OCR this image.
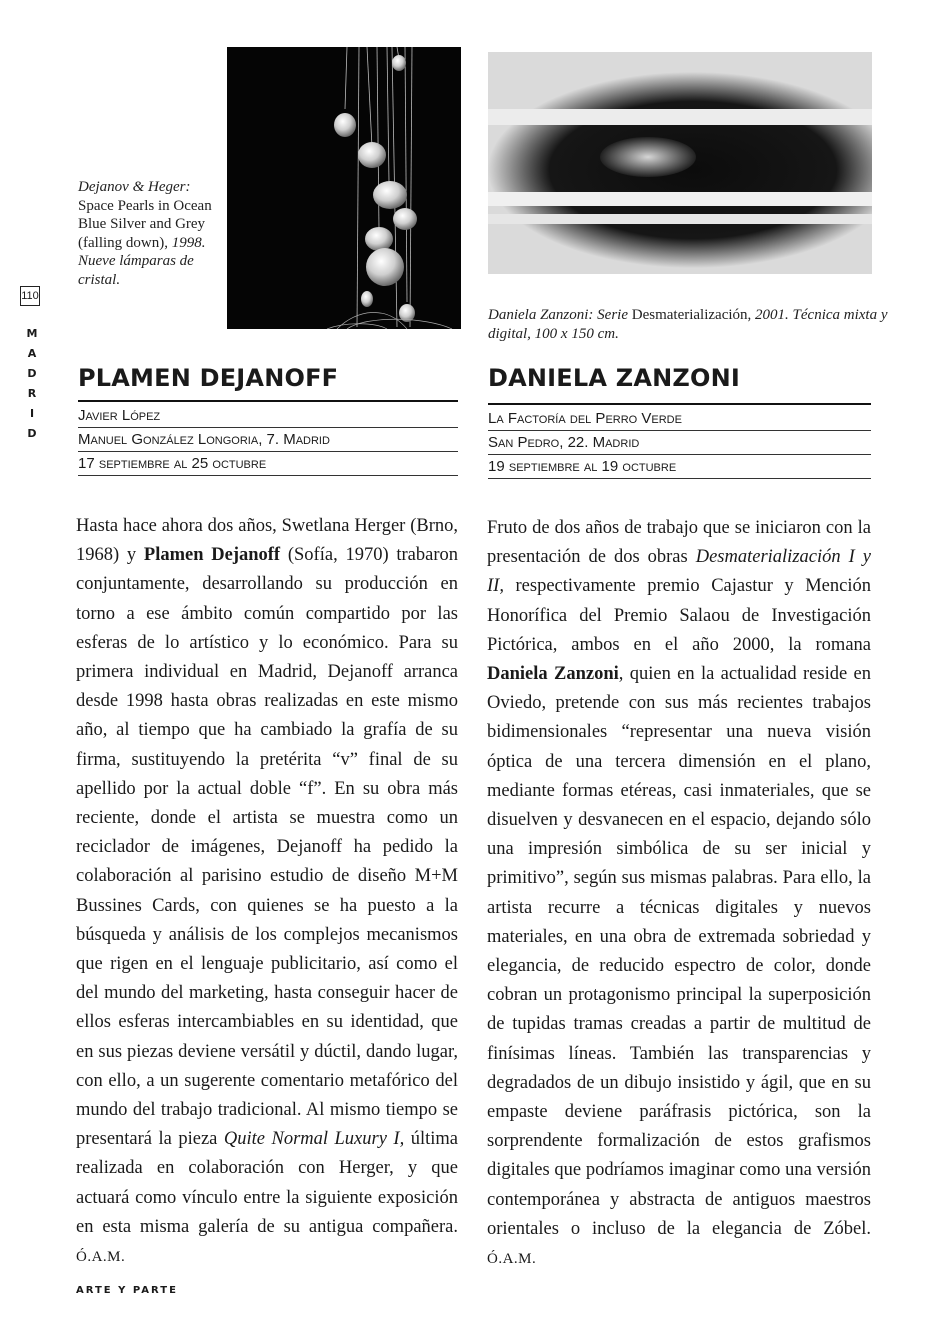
110
M
A
D
R
I
D
Dejanov & Heger: Space Pearls in Ocean Blue Silver and Grey (falling down), 1998. Nueve lámparas de cristal.
Daniela Zanzoni: Serie Desmaterialización, 2001. Técnica mixta y digital, 100 x 150 cm.
PLAMEN DEJANOFF
Javier López
Manuel González Longoria, 7. Madrid
17 septiembre al 25 octubre
DANIELA ZANZONI
La Factoría del Perro Verde
San Pedro, 22. Madrid
19 septiembre al 19 octubre

Hasta hace ahora dos años, Swetlana Herger (Brno, 1968) y Plamen Dejanoff (Sofía, 1970) trabaron conjuntamente, desarrollando su producción en torno a ese ámbito común compartido por las esferas de lo artístico y lo económico. Para su primera individual en Madrid, Dejanoff arranca desde 1998 hasta obras realizadas en este mismo año, al tiempo que ha cambiado la grafía de su firma, sustituyendo la pretérita “v” final de su apellido por la actual doble “f”. En su obra más reciente, donde el artista se muestra como un reciclador de imágenes, Dejanoff ha pedido la colaboración al parisino estudio de diseño M+M Bussines Cards, con quienes se ha puesto a la búsqueda y análisis de los complejos mecanismos que rigen en el lenguaje publicitario, así como el del mundo del marketing, hasta conseguir hacer de ellos esferas intercambiables en su identidad, que en sus piezas deviene versátil y dúctil, dando lugar, con ello, a un sugerente comentario metafórico del mundo del trabajo tradicional. Al mismo tiempo se presentará la pieza Quite Normal Luxury I, última realizada en colaboración con Herger, y que actuará como vínculo entre la siguiente exposición en esta misma galería de su antigua compañera. Ó.A.M.

Fruto de dos años de trabajo que se iniciaron con la presentación de dos obras Desmaterialización I y II, respectivamente premio Cajastur y Mención Honorífica del Premio Salaou de Investigación Pictórica, ambos en el año 2000, la romana Daniela Zanzoni, quien en la actualidad reside en Oviedo, pretende con sus más recientes trabajos bidimensionales “representar una nueva visión óptica de una tercera dimensión en el plano, mediante formas etéreas, casi inmateriales, que se disuelven y desvanecen en el espacio, dejando sólo una impresión simbólica de su ser inicial y primitivo”, según sus mismas palabras. Para ello, la artista recurre a técnicas digitales y nuevos materiales, en una obra de extremada sobriedad y elegancia, de reducido espectro de color, donde cobran un protagonismo principal la superposición de tupidas tramas creadas a partir de multitud de finísimas líneas. También las transparencias y degradados de un dibujo insistido y ágil, que en su empaste deviene paráfrasis pictórica, son la sorprendente formalización de estos grafismos digitales que podríamos imaginar como una versión contemporánea y abstracta de antiguos maestros orientales o incluso de la elegancia de Zóbel. Ó.A.M.

ARTE Y PARTE
